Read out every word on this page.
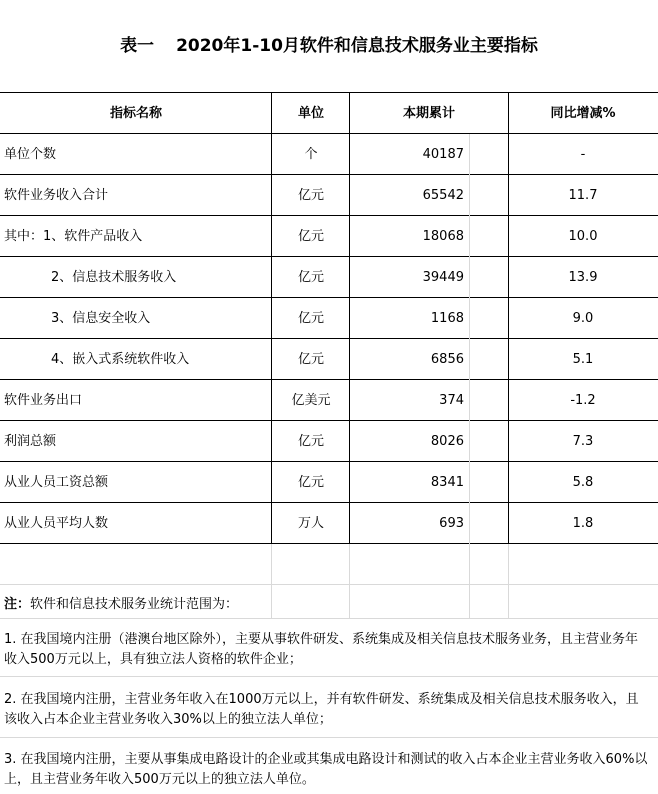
表一 2020年1-10月软件和信息技术服务业主要指标
指标名称	单位	本期累计	同比增减%
单位个数	个	40187	-
软件业务收入合计	亿元	65542	11.7
其中：1、软件产品收入	亿元	18068	10.0
2、信息技术服务收入	亿元	39449	13.9
3、信息安全收入	亿元	1168	9.0
4、嵌入式系统软件收入	亿元	6856	5.1
软件业务出口	亿美元	374	-1.2
利润总额	亿元	8026	7.3
从业人员工资总额	亿元	8341	5.8
从业人员平均人数	万人	693	1.8
注：软件和信息技术服务业统计范围为：
1. 在我国境内注册（港澳台地区除外），主要从事软件研发、系统集成及相关信息技术服务业务，且主营业务年收入500万元以上，具有独立法人资格的软件企业；
2. 在我国境内注册，主营业务年收入在1000万元以上，并有软件研发、系统集成及相关信息技术服务收入，且该收入占本企业主营业务收入30%以上的独立法人单位；
3. 在我国境内注册，主要从事集成电路设计的企业或其集成电路设计和测试的收入占本企业主营业务收入60%以上，且主营业务年收入500万元以上的独立法人单位。
